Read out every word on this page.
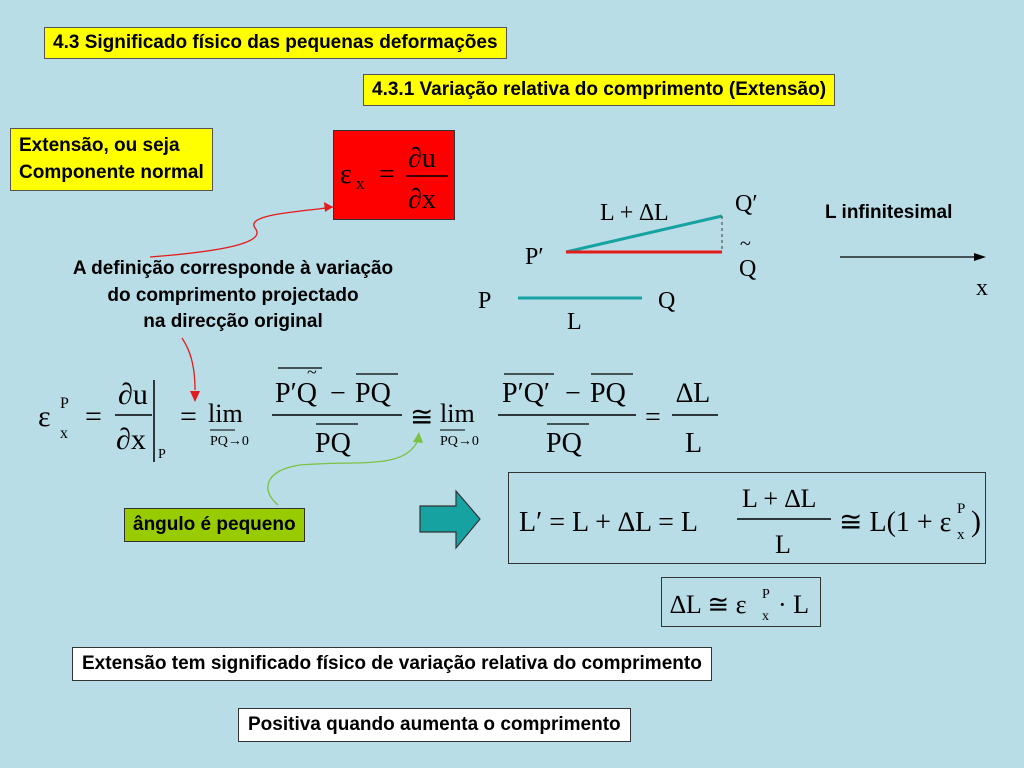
4.3 Significado físico das pequenas deformações
4.3.1 Variação relativa do comprimento (Extensão)
Extensão, ou seja
Componente normal	ε x =
∂u
∂x
A definição corresponde à variação
do comprimento projectado
na direcção original
L + ∆L	Q′
P′	Q
~
P	Q
L
L infinitesimal
x
ε P
x
=
∂u
∂x P
= lim
PQ→0
P′Q
~
− PQ
PQ
≅ lim
PQ→0
P′Q′ − PQ
PQ
=
∆L
L
ângulo é pequeno	L′ = L + ∆L = L
L + ∆L
L
≅ L(1 + ε P
x )
∆L ≅ ε P
x · L
Extensão tem significado físico de variação relativa do comprimento
Positiva quando aumenta o comprimento
